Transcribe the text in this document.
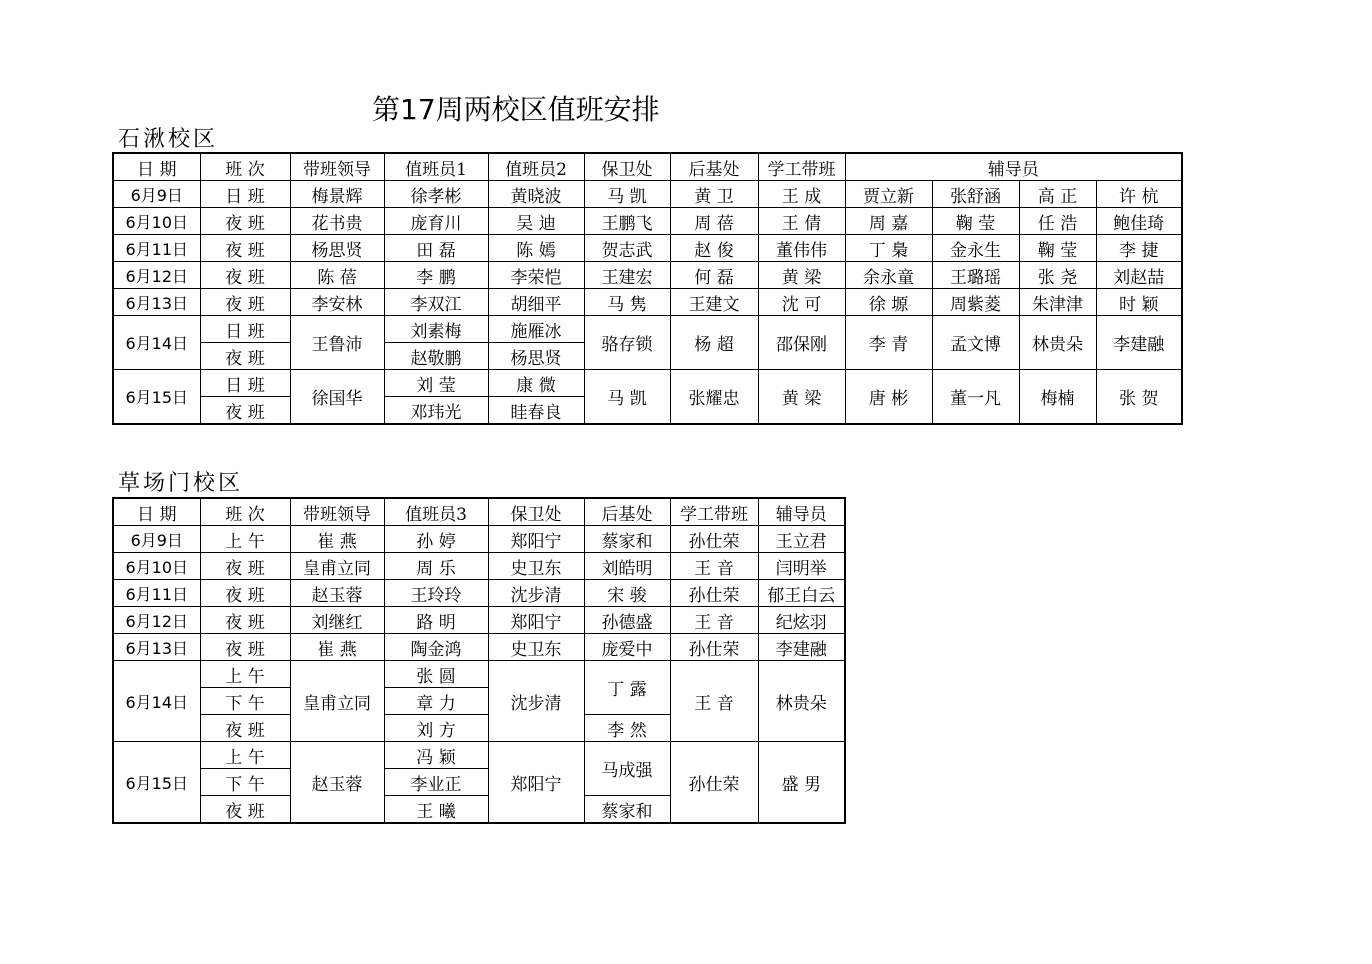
第17周两校区值班安排
石湫校区
日 期	班 次	带班领导	值班员1	值班员2	保卫处	后基处	学工带班	辅导员			
6月9日	日 班	梅景辉	徐孝彬	黄晓波	马 凯	黄 卫	王 成	贾立新	张舒涵	高 正	许 杭
6月10日	夜 班	花书贵	庞育川	吴 迪	王鹏飞	周 蓓	王 倩	周 嘉	鞠 莹	任 浩	鲍佳琦
6月11日	夜 班	杨思贤	田 磊	陈 嫣	贺志武	赵 俊	董伟伟	丁 梟	金永生	鞠 莹	李 捷
6月12日	夜 班	陈 蓓	李 鹏	李荣恺	王建宏	何 磊	黄 梁	余永童	王璐瑶	张 尧	刘赵喆
6月13日	夜 班	李安林	李双江	胡细平	马 隽	王建文	沈 可	徐 塬	周紫菱	朱津津	时 颖
6月14日	日 班	王鲁沛	刘素梅	施雁冰	骆存锁	杨 超	邵保刚	李 青	孟文博	林贵朵	李建融
	夜 班		赵敬鹏	杨思贤							
6月15日	日 班	徐国华	刘 莹	康 微	马 凯	张耀忠	黄 梁	唐 彬	董一凡	梅楠	张 贺
	夜 班		邓玮光	眭春良							
草场门校区
日 期	班 次	带班领导	值班员3	保卫处	后基处	学工带班	辅导员
6月9日	上 午	崔 燕	孙 婷	郑阳宁	蔡家和	孙仕荣	王立君
6月10日	夜 班	皇甫立同	周 乐	史卫东	刘皓明	王 音	闫明举
6月11日	夜 班	赵玉蓉	王玲玲	沈步清	宋 骏	孙仕荣	郁王白云
6月12日	夜 班	刘继红	路 明	郑阳宁	孙德盛	王 音	纪炫羽
6月13日	夜 班	崔 燕	陶金鸿	史卫东	庞爱中	孙仕荣	李建融
6月14日	上 午	皇甫立同	张 圆	沈步清	丁 露	王 音	林贵朵
	下 午		章 力				
	夜 班		刘 方		李 然		
6月15日	上 午	赵玉蓉	冯 颖	郑阳宁	马成强	孙仕荣	盛 男
	下 午		李业正				
	夜 班		王 曦		蔡家和		
